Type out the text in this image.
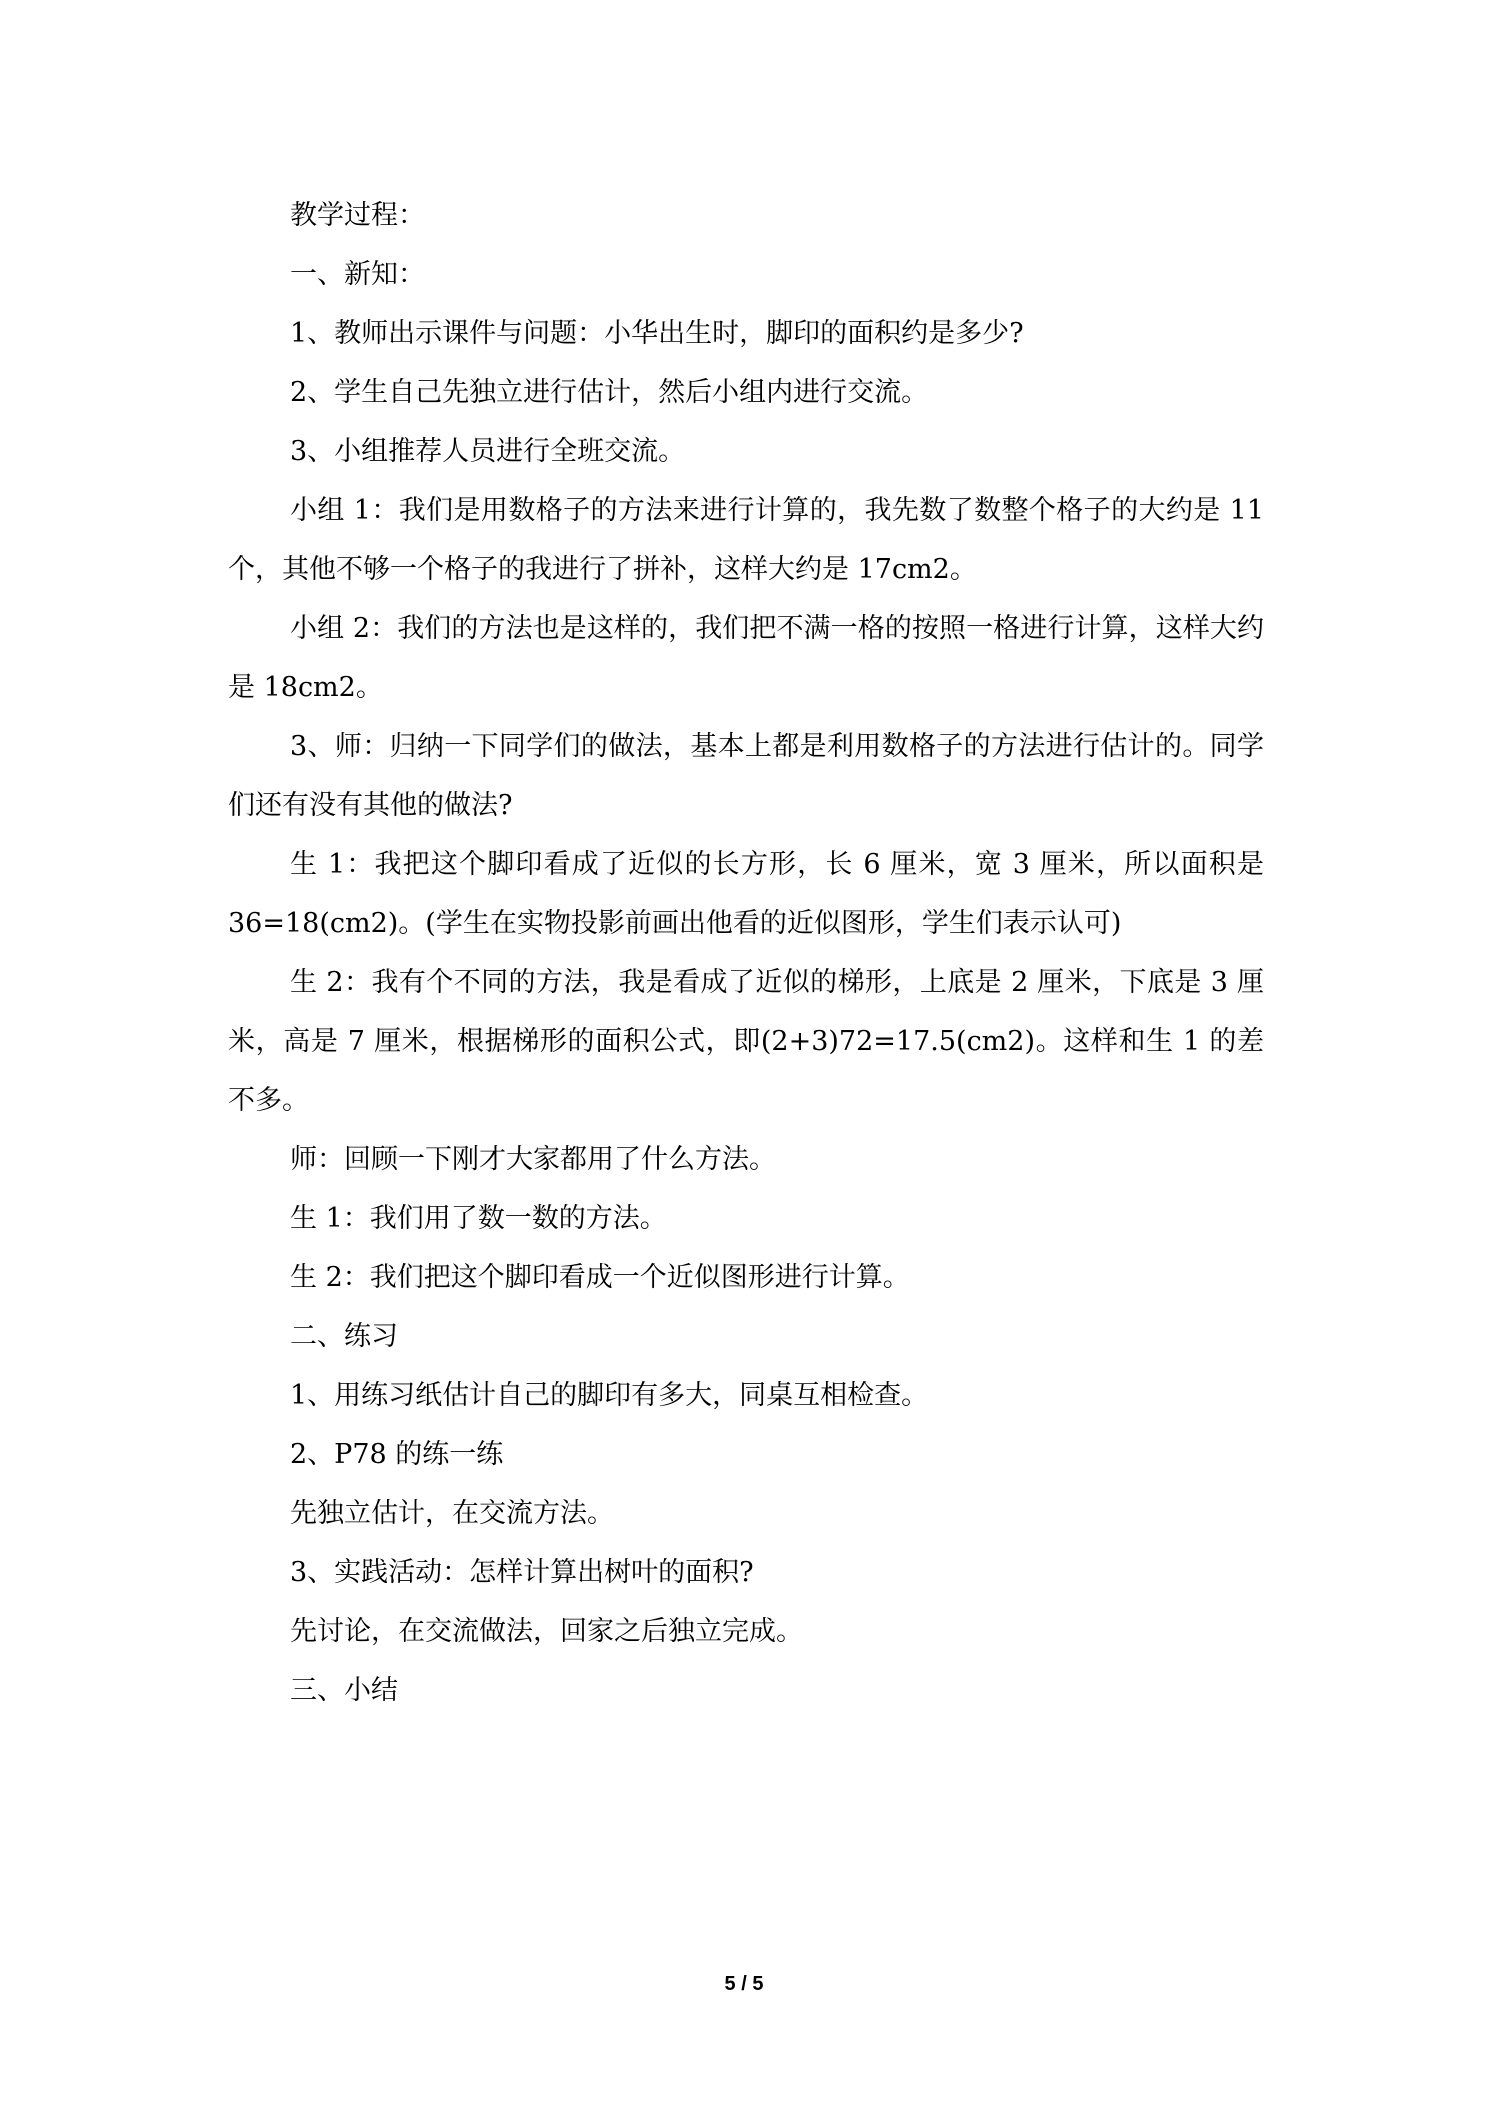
教学过程：

一、新知：

1、教师出示课件与问题：小华出生时，脚印的面积约是多少?

2、学生自己先独立进行估计，然后小组内进行交流。

3、小组推荐人员进行全班交流。

小组 1：我们是用数格子的方法来进行计算的，我先数了数整个格子的大约是 11 个，其他不够一个格子的我进行了拼补，这样大约是 17cm2。

小组 2：我们的方法也是这样的，我们把不满一格的按照一格进行计算，这样大约是 18cm2。

3、师：归纳一下同学们的做法，基本上都是利用数格子的方法进行估计的。同学们还有没有其他的做法?

生 1：我把这个脚印看成了近似的长方形，长 6 厘米，宽 3 厘米，所以面积是 36=18(cm2)。(学生在实物投影前画出他看的近似图形，学生们表示认可)

生 2：我有个不同的方法，我是看成了近似的梯形，上底是 2 厘米，下底是 3 厘米，高是 7 厘米，根据梯形的面积公式，即(2+3)72=17.5(cm2)。这样和生 1 的差不多。

师：回顾一下刚才大家都用了什么方法。

生 1：我们用了数一数的方法。

生 2：我们把这个脚印看成一个近似图形进行计算。

二、练习

1、用练习纸估计自己的脚印有多大，同桌互相检查。

2、P78 的练一练

先独立估计，在交流方法。

3、实践活动：怎样计算出树叶的面积?

先讨论，在交流做法，回家之后独立完成。

三、小结

5 / 5
